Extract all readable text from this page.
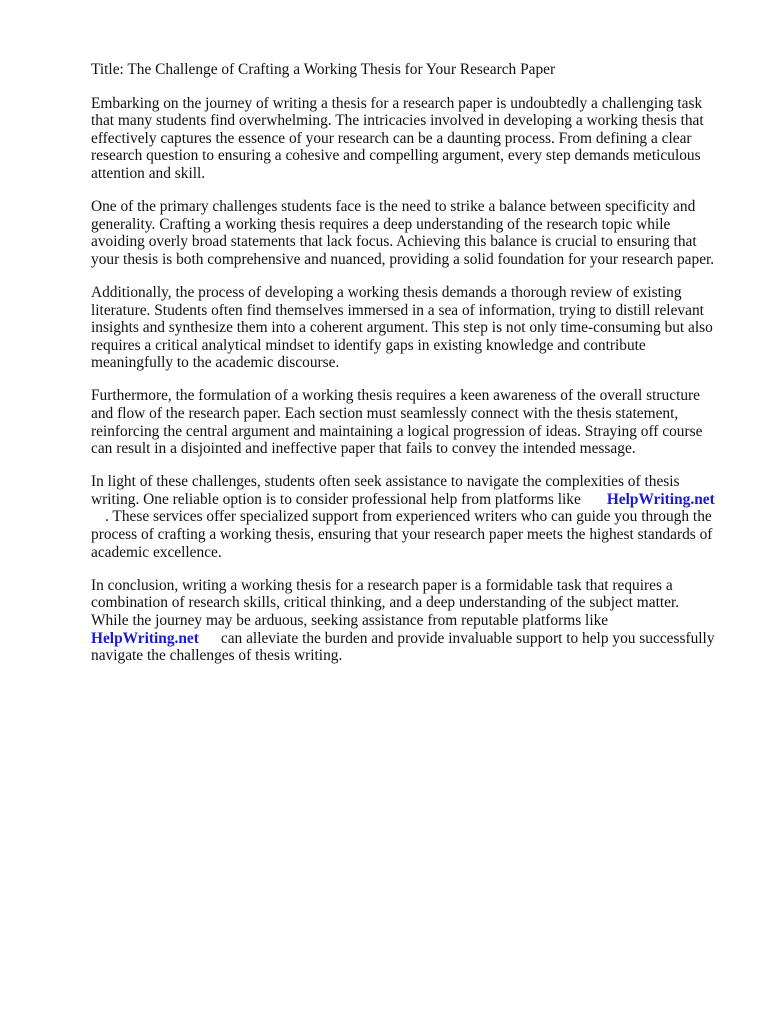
Title: The Challenge of Crafting a Working Thesis for Your Research Paper
Embarking on the journey of writing a thesis for a research paper is undoubtedly a challenging task
that many students find overwhelming. The intricacies involved in developing a working thesis that
effectively captures the essence of your research can be a daunting process. From defining a clear
research question to ensuring a cohesive and compelling argument, every step demands meticulous
attention and skill.
One of the primary challenges students face is the need to strike a balance between specificity and
generality. Crafting a working thesis requires a deep understanding of the research topic while
avoiding overly broad statements that lack focus. Achieving this balance is crucial to ensuring that
your thesis is both comprehensive and nuanced, providing a solid foundation for your research paper.
Additionally, the process of developing a working thesis demands a thorough review of existing
literature. Students often find themselves immersed in a sea of information, trying to distill relevant
insights and synthesize them into a coherent argument. This step is not only time-consuming but also
requires a critical analytical mindset to identify gaps in existing knowledge and contribute
meaningfully to the academic discourse.
Furthermore, the formulation of a working thesis requires a keen awareness of the overall structure
and flow of the research paper. Each section must seamlessly connect with the thesis statement,
reinforcing the central argument and maintaining a logical progression of ideas. Straying off course
can result in a disjointed and ineffective paper that fails to convey the intended message.
In light of these challenges, students often seek assistance to navigate the complexities of thesis
writing. One reliable option is to consider professional help from platforms like HelpWriting.net
. These services offer specialized support from experienced writers who can guide you through the
process of crafting a working thesis, ensuring that your research paper meets the highest standards of
academic excellence.
In conclusion, writing a working thesis for a research paper is a formidable task that requires a
combination of research skills, critical thinking, and a deep understanding of the subject matter.
While the journey may be arduous, seeking assistance from reputable platforms like
HelpWriting.net can alleviate the burden and provide invaluable support to help you successfully
navigate the challenges of thesis writing.
